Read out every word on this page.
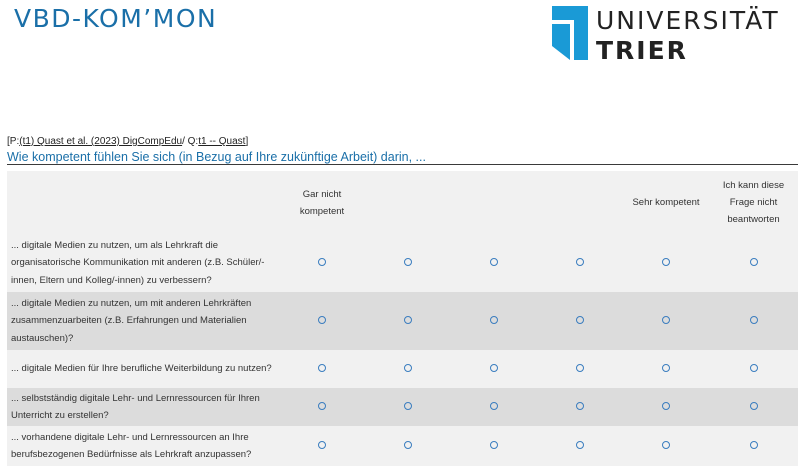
VBD-KOM’MON	UNIVERSITÄT
TRIER
[P:(t1) Quast et al. (2023) DigCompEdu/ Q:t1 -- Quast]
Wie kompetent fühlen Sie sich (in Bezug auf Ihre zukünftige Arbeit) darin, ...
	Gar nicht kompetent				Sehr kompetent	Ich kann diese Frage nicht beantworten
... digitale Medien zu nutzen, um als Lehrkraft die organisatorische Kommunikation mit anderen (z.B. Schüler/-innen, Eltern und Kolleg/-innen) zu verbessern?						
... digitale Medien zu nutzen, um mit anderen Lehrkräften zusammenzuarbeiten (z.B. Erfahrungen und Materialien austauschen)?						
... digitale Medien für Ihre berufliche Weiterbildung zu nutzen?						
... selbstständig digitale Lehr- und Lernressourcen für Ihren Unterricht zu erstellen?						
... vorhandene digitale Lehr- und Lernressourcen an Ihre berufsbezogenen Bedürfnisse als Lehrkraft anzupassen?						
